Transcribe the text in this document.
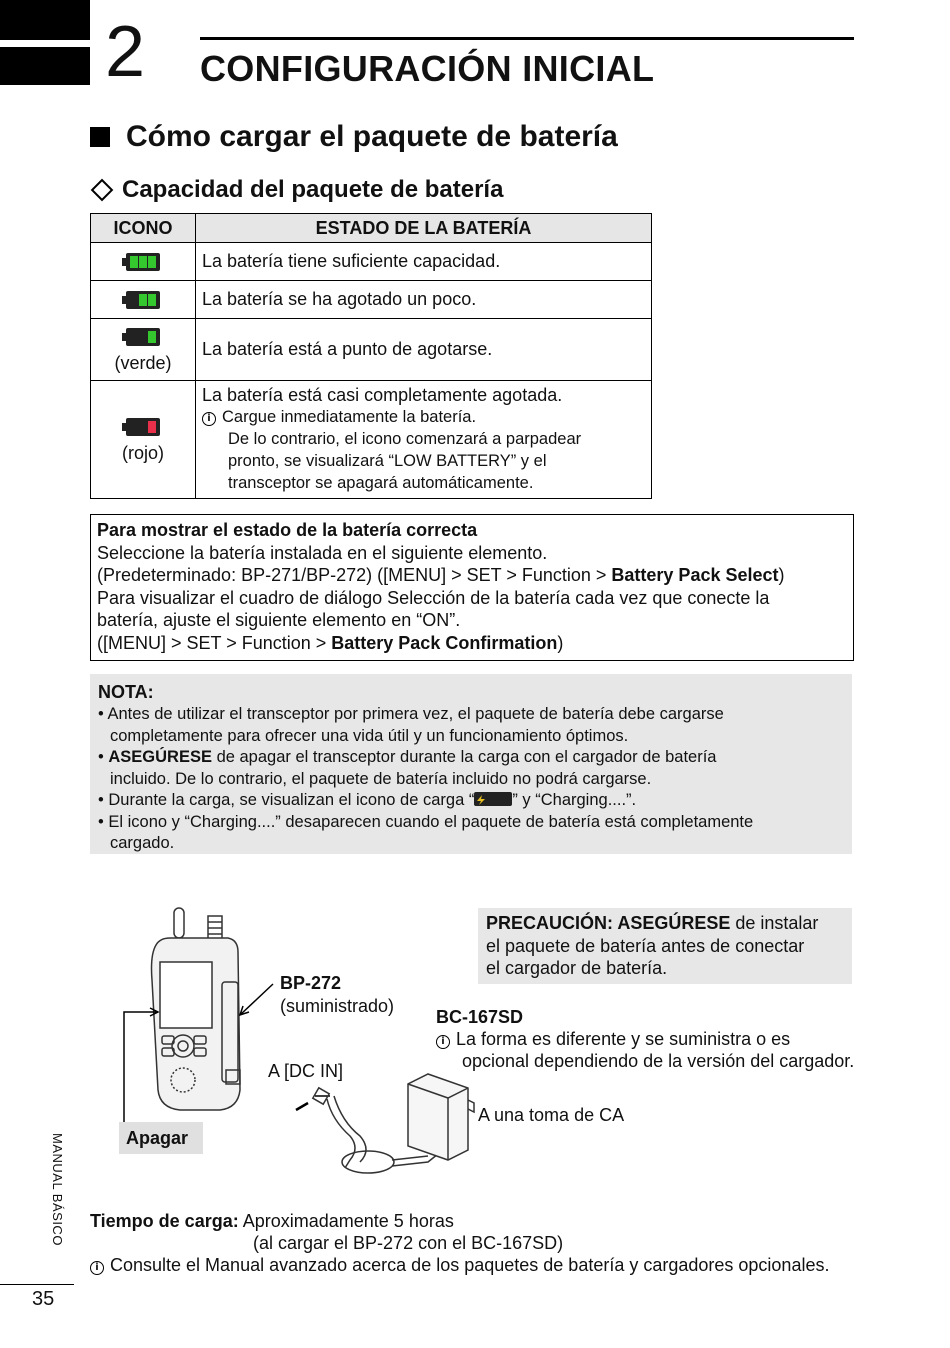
2 CONFIGURACIÓN INICIAL
Cómo cargar el paquete de batería
Capacidad del paquete de batería
ICONO	ESTADO DE LA BATERÍA

	La batería tiene suficiente capacidad.

	La batería se ha agotado un poco.

(verde)	La batería está a punto de agotarse.

(rojo)	La batería está casi completamente agotada.
i Cargue inmediatamente la batería.
De lo contrario, el icono comenzará a parpadear
pronto, se visualizará “LOW BATTERY” y el
transceptor se apagará automáticamente.
Para mostrar el estado de la batería correcta
Seleccione la batería instalada en el siguiente elemento.
(Predeterminado: BP-271/BP-272) ([MENU] > SET > Function > Battery Pack Select)
Para visualizar el cuadro de diálogo Selección de la batería cada vez que conecte la
batería, ajuste el siguiente elemento en “ON”.
([MENU] > SET > Function > Battery Pack Confirmation)
NOTA:
• Antes de utilizar el transceptor por primera vez, el paquete de batería debe cargarse
completamente para ofrecer una vida útil y un funcionamiento óptimos.
• ASEGÚRESE de apagar el transceptor durante la carga con el cargador de batería
incluido. De lo contrario, el paquete de batería incluido no podrá cargarse.
• Durante la carga, se visualizan el icono de carga “ ” y “Charging....”.
• El icono y “Charging....” desaparecen cuando el paquete de batería está completamente
cargado.
PRECAUCIÓN: ASEGÚRESE de instalar
el paquete de batería antes de conectar
el cargador de batería.
BP-272
(suministrado)
A [DC IN]
BC-167SD
i La forma es diferente y se suministra o es
opcional dependiendo de la versión del cargador.
A una toma de CA
Apagar
Tiempo de carga: Aproximadamente 5 horas
(al cargar el BP-272 con el BC-167SD)
i Consulte el Manual avanzado acerca de los paquetes de batería y cargadores opcionales.
MANUAL BÁSICO
35
